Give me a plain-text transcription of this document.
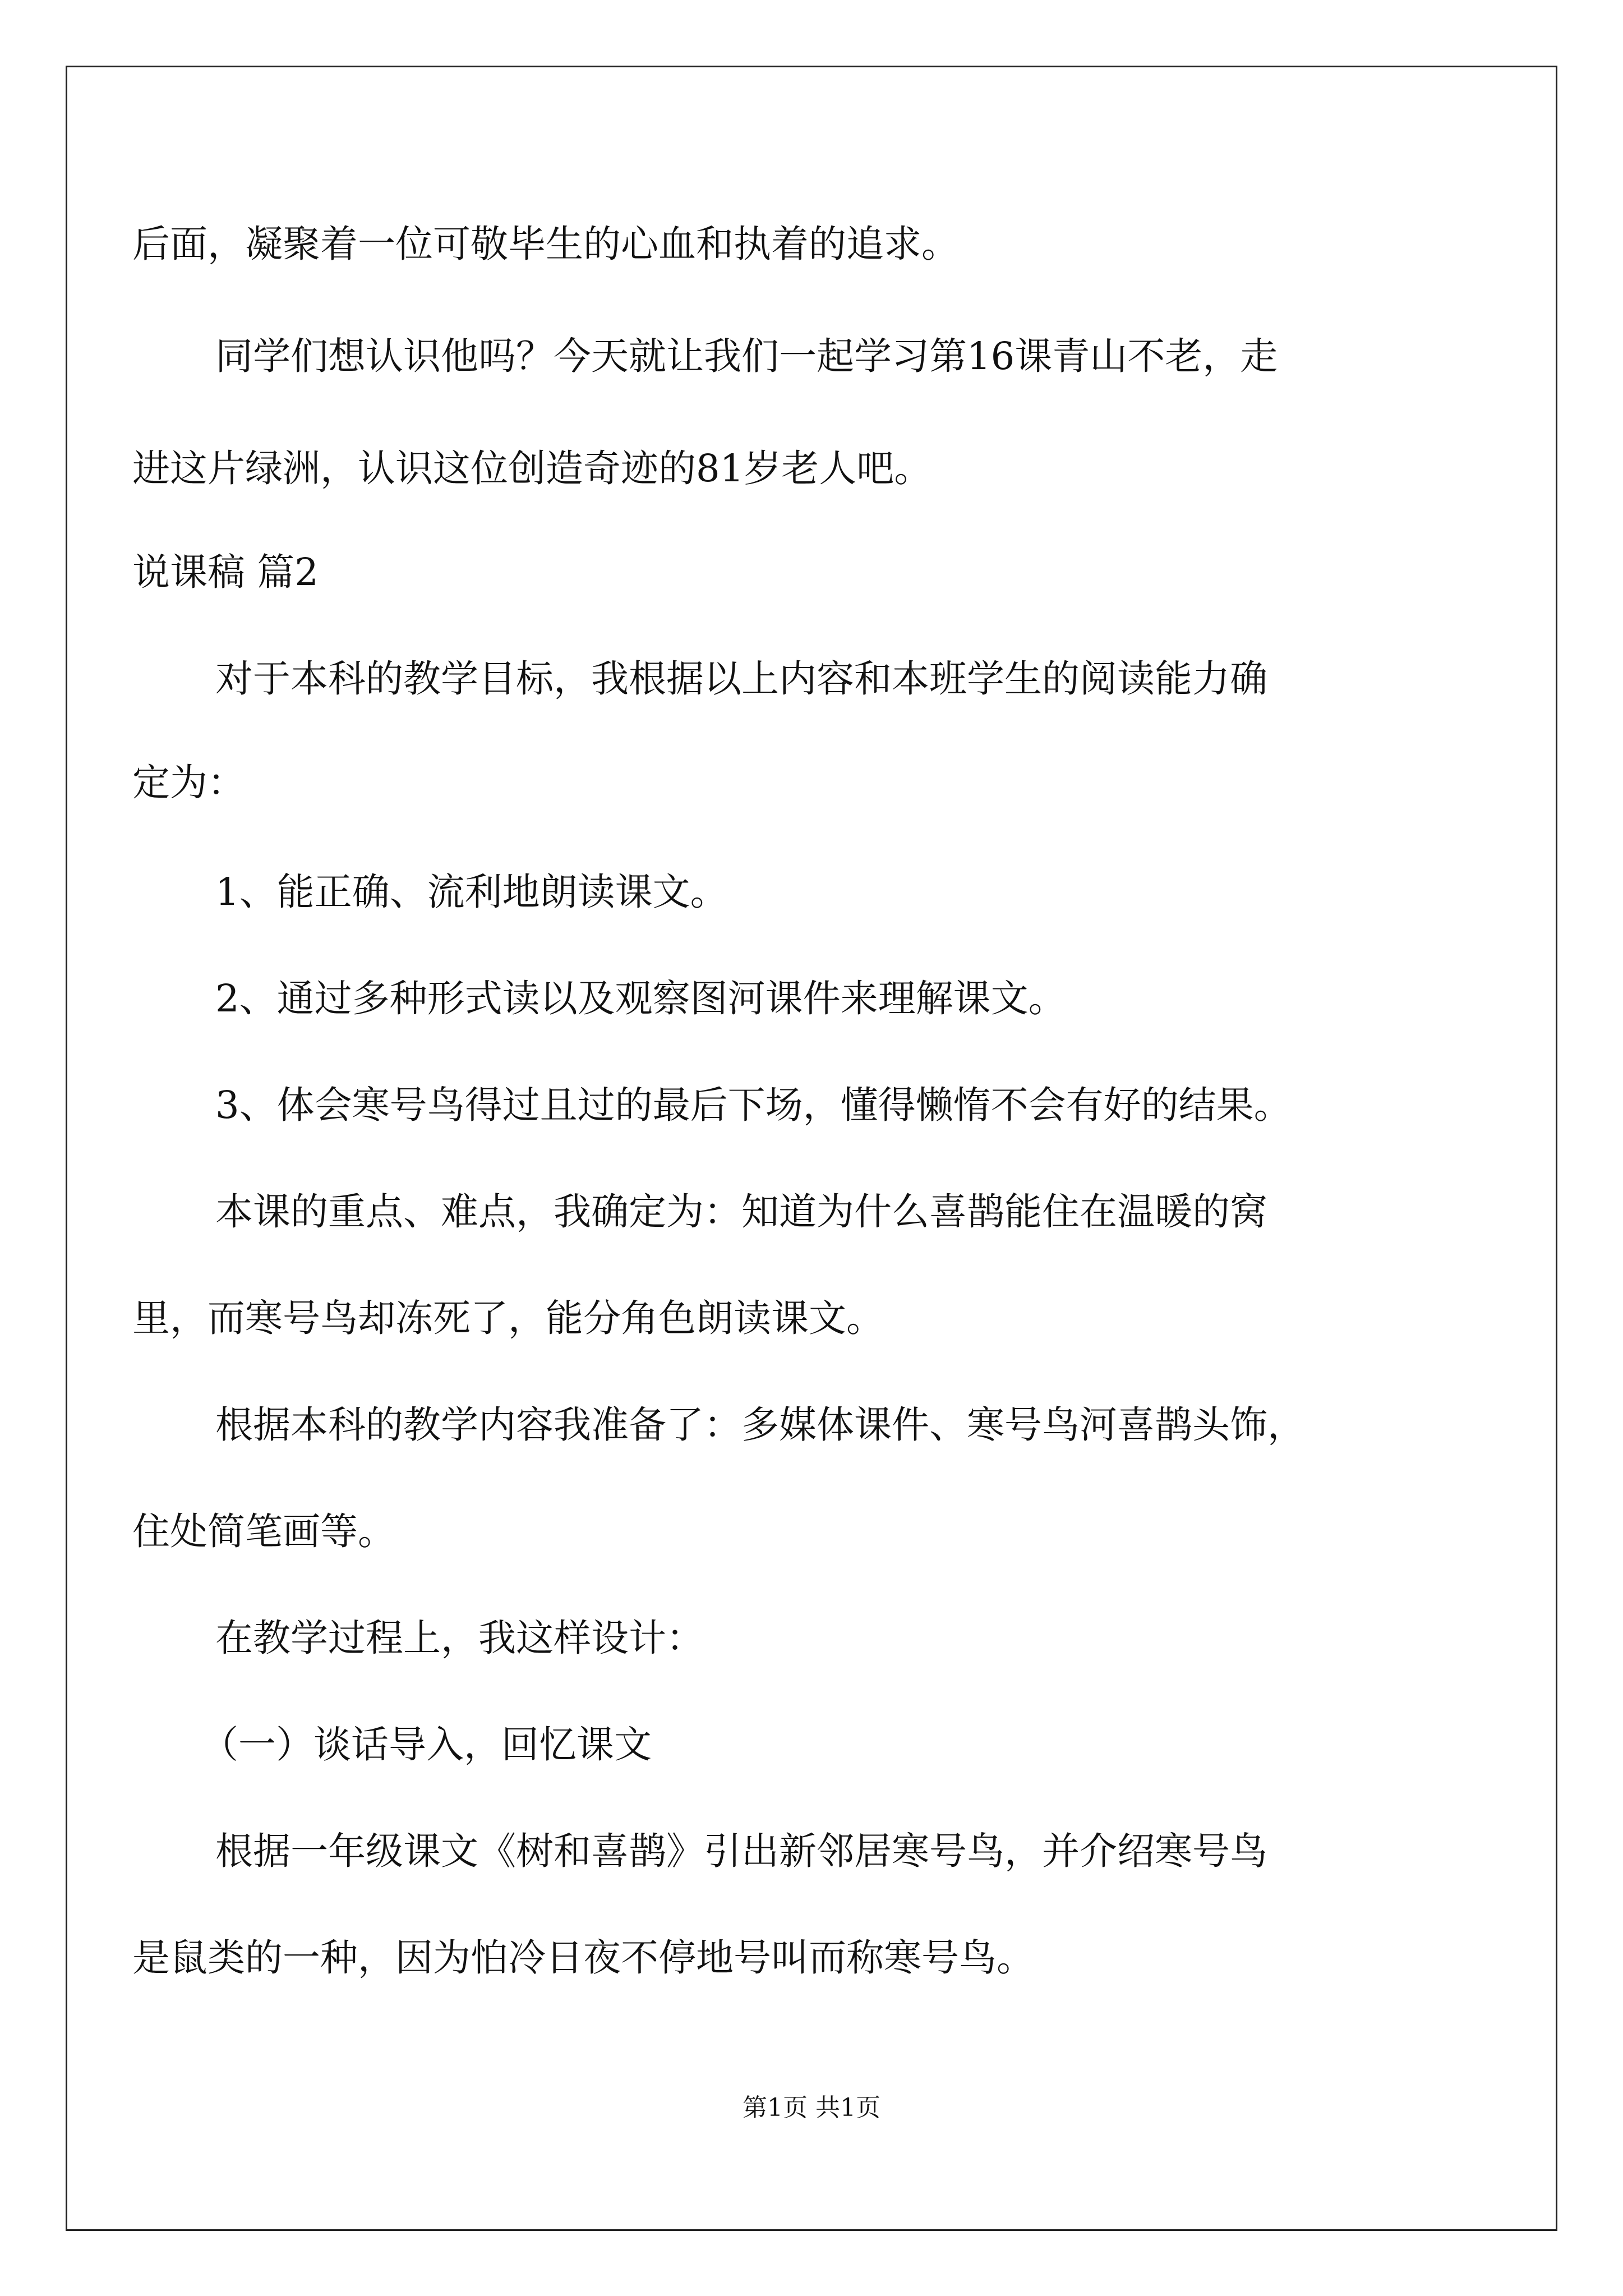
后面，凝聚着一位可敬毕生的心血和执着的追求。

同学们想认识他吗？今天就让我们一起学习第16课青山不老，走

进这片绿洲，认识这位创造奇迹的81岁老人吧。

说课稿 篇2

对于本科的教学目标，我根据以上内容和本班学生的阅读能力确

定为：

1、能正确、流利地朗读课文。

2、通过多种形式读以及观察图河课件来理解课文。

3、体会寒号鸟得过且过的最后下场，懂得懒惰不会有好的结果。

本课的重点、难点，我确定为：知道为什么喜鹊能住在温暖的窝

里，而寒号鸟却冻死了，能分角色朗读课文。

根据本科的教学内容我准备了：多媒体课件、寒号鸟河喜鹊头饰，

住处简笔画等。

在教学过程上，我这样设计：

（一）谈话导入，回忆课文

根据一年级课文《树和喜鹊》引出新邻居寒号鸟，并介绍寒号鸟

是鼠类的一种，因为怕冷日夜不停地号叫而称寒号鸟。

第1页 共1页
